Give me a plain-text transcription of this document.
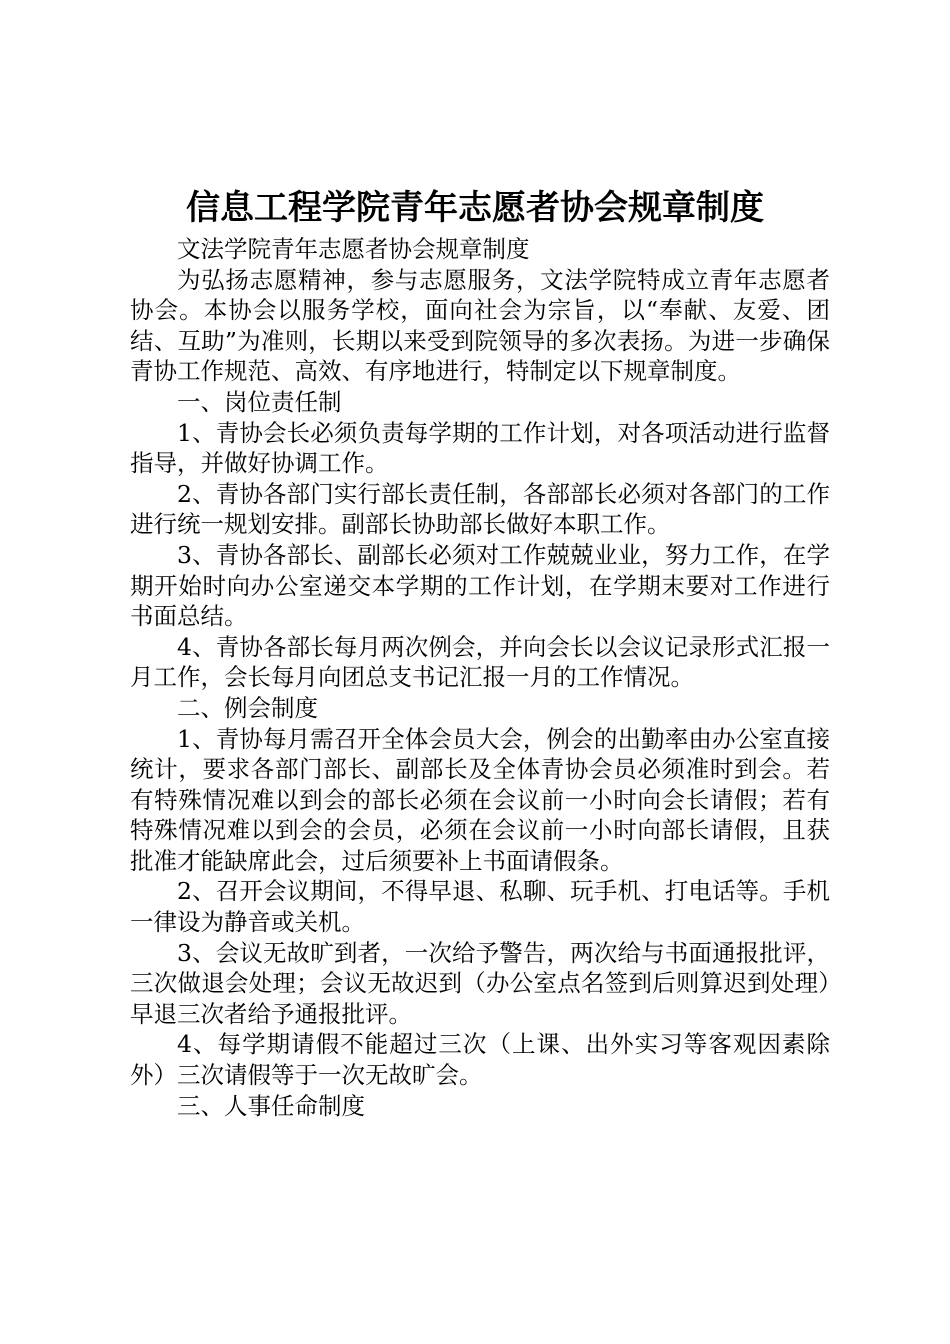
信息工程学院青年志愿者协会规章制度

文法学院青年志愿者协会规章制度

为弘扬志愿精神，参与志愿服务，文法学院特成立青年志愿者协会。本协会以服务学校，面向社会为宗旨，以“奉献、友爱、团结、互助”为准则，长期以来受到院领导的多次表扬。为进一步确保青协工作规范、高效、有序地进行，特制定以下规章制度。

一、岗位责任制

1、青协会长必须负责每学期的工作计划，对各项活动进行监督指导，并做好协调工作。

2、青协各部门实行部长责任制，各部部长必须对各部门的工作进行统一规划安排。副部长协助部长做好本职工作。

3、青协各部长、副部长必须对工作兢兢业业，努力工作，在学期开始时向办公室递交本学期的工作计划，在学期末要对工作进行书面总结。

4、青协各部长每月两次例会，并向会长以会议记录形式汇报一月工作，会长每月向团总支书记汇报一月的工作情况。

二、例会制度

1、青协每月需召开全体会员大会，例会的出勤率由办公室直接统计，要求各部门部长、副部长及全体青协会员必须准时到会。若有特殊情况难以到会的部长必须在会议前一小时向会长请假；若有特殊情况难以到会的会员，必须在会议前一小时向部长请假，且获批准才能缺席此会，过后须要补上书面请假条。

2、召开会议期间，不得早退、私聊、玩手机、打电话等。手机一律设为静音或关机。

3、会议无故旷到者，一次给予警告，两次给与书面通报批评，三次做退会处理；会议无故迟到（办公室点名签到后则算迟到处理）早退三次者给予通报批评。

4、每学期请假不能超过三次（上课、出外实习等客观因素除外）三次请假等于一次无故旷会。

三、人事任命制度
